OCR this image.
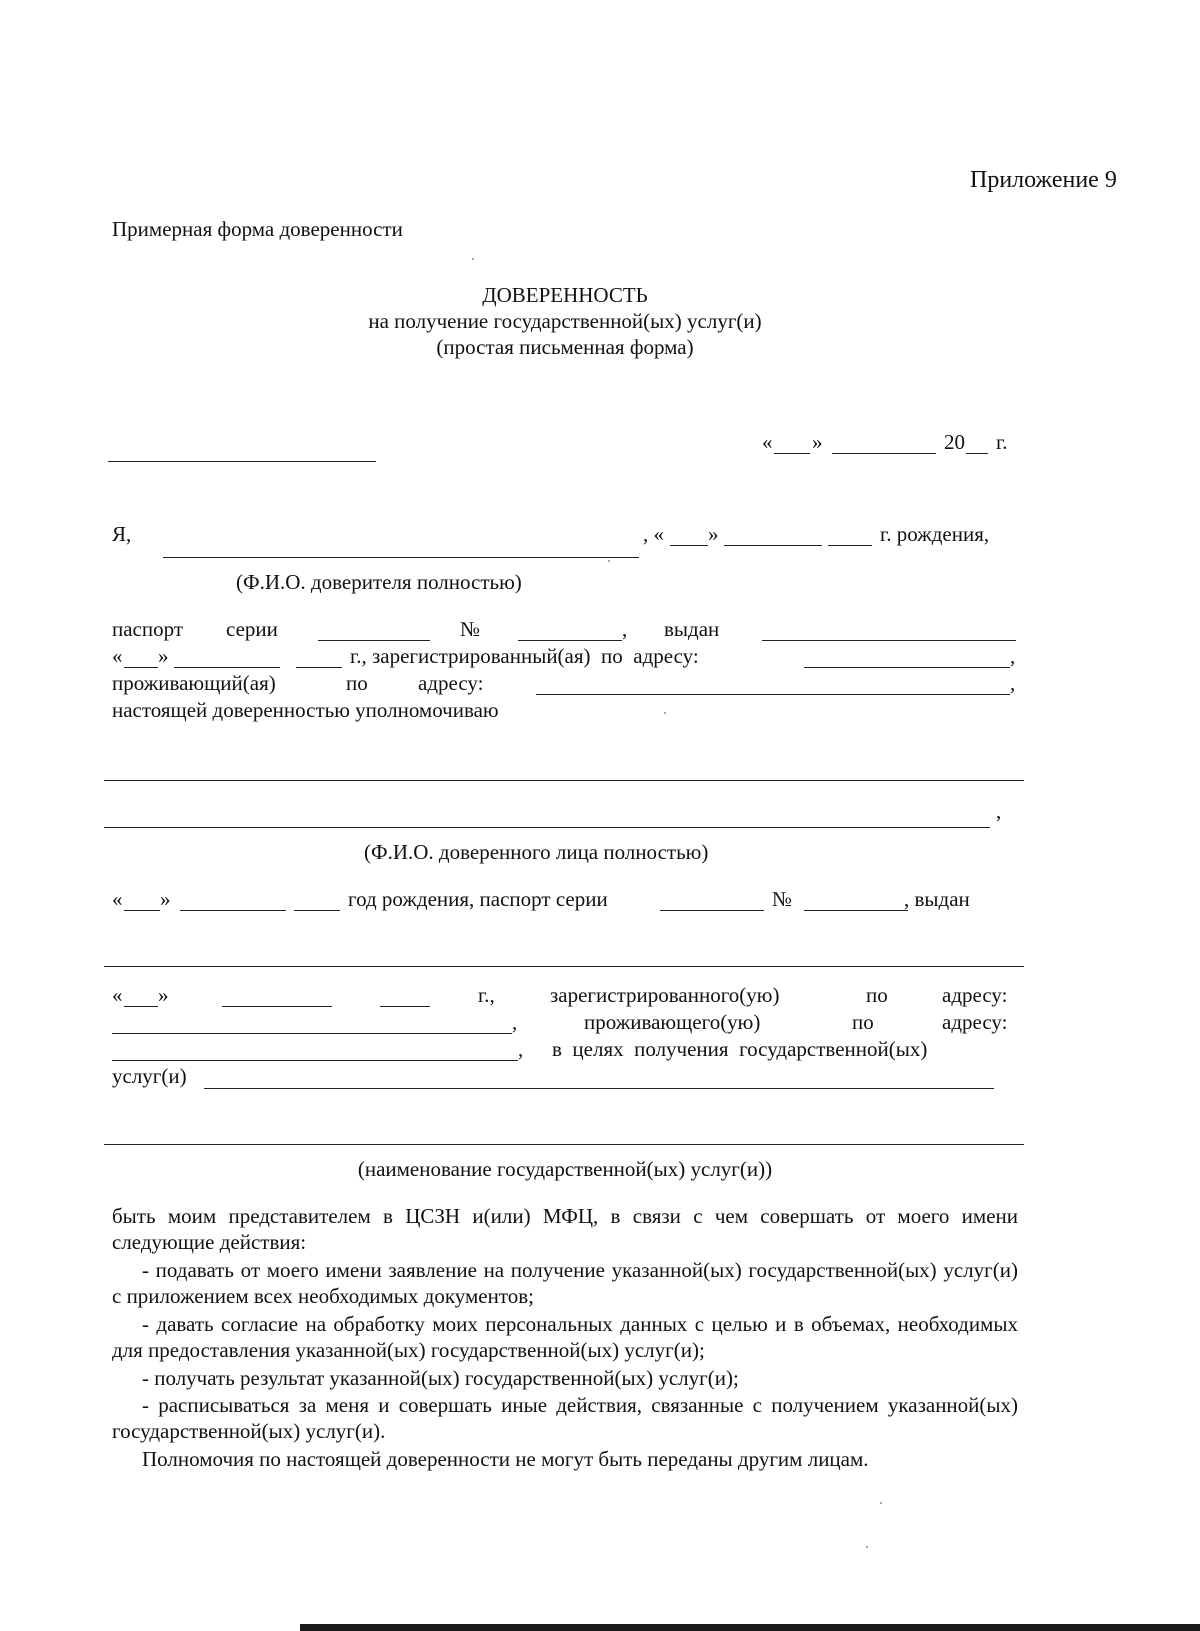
Приложение 9
Примерная форма доверенности
ДОВЕРЕННОСТЬ
на получение государственной(ых) услуг(и)
(простая письменная форма)
« »	20 г.
Я,	, « »	г. рождения,
(Ф.И.О. доверителя полностью)
паспорт серии	№	, выдан
« »	г., зарегистрированный(ая)  по  адресу:	,
проживающий(ая)	по адресу:	,
настоящей доверенностью уполномочиваю
,
(Ф.И.О. доверенного лица полностью)
« »	год рождения, паспорт серии	№	, выдан
« »	г.,	зарегистрированного(ую)	по	адресу:
,	проживающего(ую)	по	адресу:
, в  целях  получения  государственной(ых)
услуг(и)
(наименование государственной(ых) услуг(и))
быть моим представителем в ЦСЗН и(или) МФЦ, в связи с чем совершать от моего имени следующие действия:
- подавать от моего имени заявление на получение указанной(ых) государственной(ых) услуг(и) с приложением всех необходимых документов;
- давать согласие на обработку моих персональных данных с целью и в объемах, необходимых для предоставления указанной(ых) государственной(ых) услуг(и);
- получать результат указанной(ых) государственной(ых) услуг(и);
- расписываться за меня и совершать иные действия, связанные с получением указанной(ых) государственной(ых) услуг(и).
Полномочия по настоящей доверенности не могут быть переданы другим лицам.
